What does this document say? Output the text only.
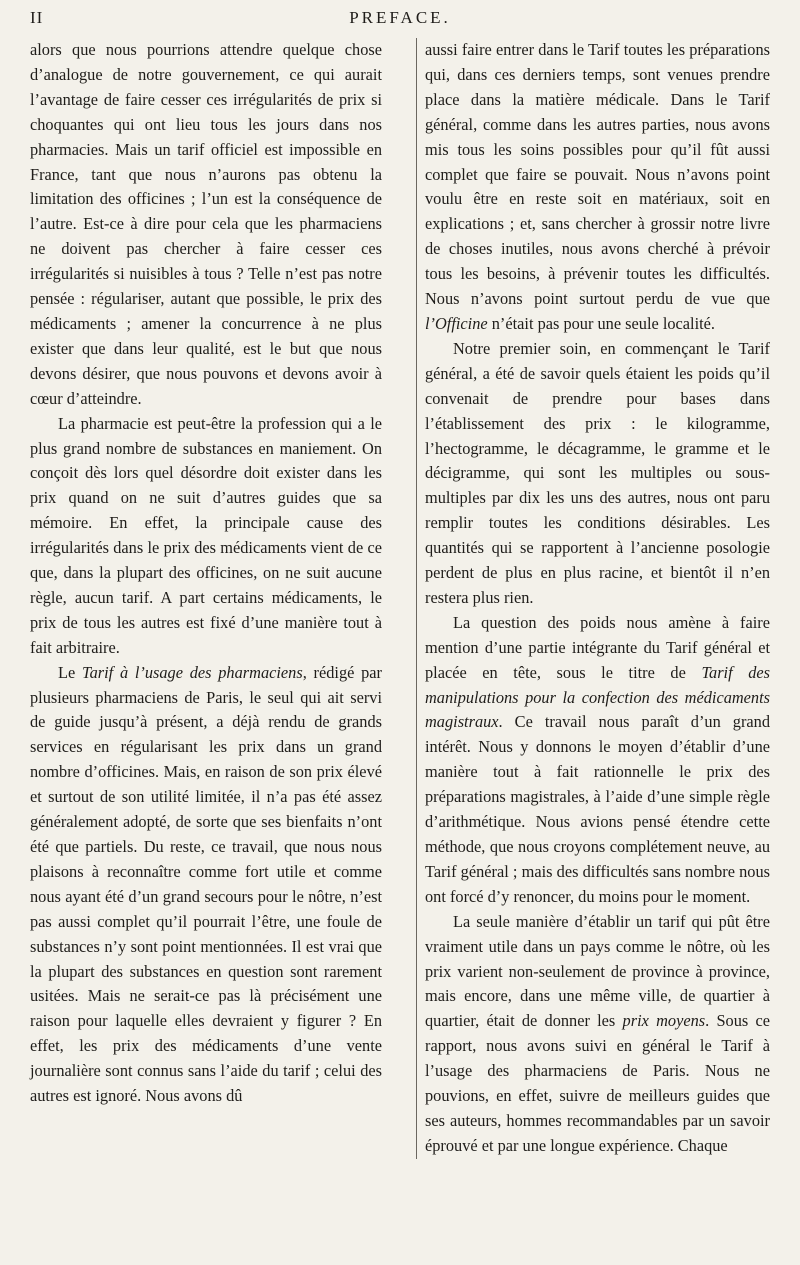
II	PREFACE.

alors que nous pourrions attendre quelque chose d’analogue de notre gouvernement, ce qui aurait l’avantage de faire cesser ces irrégularités de prix si choquantes qui ont lieu tous les jours dans nos pharmacies. Mais un tarif officiel est impossible en France, tant que nous n’aurons pas obtenu la limitation des officines ; l’un est la conséquence de l’autre. Est-ce à dire pour cela que les pharmaciens ne doivent pas chercher à faire cesser ces irrégularités si nuisibles à tous ? Telle n’est pas notre pensée : régulariser, autant que possible, le prix des médicaments ; amener la concurrence à ne plus exister que dans leur qualité, est le but que nous devons désirer, que nous pouvons et devons avoir à cœur d’atteindre.

La pharmacie est peut-être la profession qui a le plus grand nombre de substances en maniement. On conçoit dès lors quel désordre doit exister dans les prix quand on ne suit d’autres guides que sa mémoire. En effet, la principale cause des irrégularités dans le prix des médicaments vient de ce que, dans la plupart des officines, on ne suit aucune règle, aucun tarif. A part certains médicaments, le prix de tous les autres est fixé d’une manière tout à fait arbitraire.

Le Tarif à l’usage des pharmaciens, rédigé par plusieurs pharmaciens de Paris, le seul qui ait servi de guide jusqu’à présent, a déjà rendu de grands services en régularisant les prix dans un grand nombre d’officines. Mais, en raison de son prix élevé et surtout de son utilité limitée, il n’a pas été assez généralement adopté, de sorte que ses bienfaits n’ont été que partiels. Du reste, ce travail, que nous nous plaisons à reconnaître comme fort utile et comme nous ayant été d’un grand secours pour le nôtre, n’est pas aussi complet qu’il pourrait l’être, une foule de substances n’y sont point mentionnées. Il est vrai que la plupart des substances en question sont rarement usitées. Mais ne serait-ce pas là précisément une raison pour laquelle elles devraient y figurer ? En effet, les prix des médicaments d’une vente journalière sont connus sans l’aide du tarif ; celui des autres est ignoré. Nous avons dû

aussi faire entrer dans le Tarif toutes les préparations qui, dans ces derniers temps, sont venues prendre place dans la matière médicale. Dans le Tarif général, comme dans les autres parties, nous avons mis tous les soins possibles pour qu’il fût aussi complet que faire se pouvait. Nous n’avons point voulu être en reste soit en matériaux, soit en explications ; et, sans chercher à grossir notre livre de choses inutiles, nous avons cherché à prévoir tous les besoins, à prévenir toutes les difficultés. Nous n’avons point surtout perdu de vue que l’Officine n’était pas pour une seule localité.

Notre premier soin, en commençant le Tarif général, a été de savoir quels étaient les poids qu’il convenait de prendre pour bases dans l’établissement des prix : le kilogramme, l’hectogramme, le décagramme, le gramme et le décigramme, qui sont les multiples ou sous-multiples par dix les uns des autres, nous ont paru remplir toutes les conditions désirables. Les quantités qui se rapportent à l’ancienne posologie perdent de plus en plus racine, et bientôt il n’en restera plus rien.

La question des poids nous amène à faire mention d’une partie intégrante du Tarif général et placée en tête, sous le titre de Tarif des manipulations pour la confection des médicaments magistraux. Ce travail nous paraît d’un grand intérêt. Nous y donnons le moyen d’établir d’une manière tout à fait rationnelle le prix des préparations magistrales, à l’aide d’une simple règle d’arithmétique. Nous avions pensé étendre cette méthode, que nous croyons complétement neuve, au Tarif général ; mais des difficultés sans nombre nous ont forcé d’y renoncer, du moins pour le moment.

La seule manière d’établir un tarif qui pût être vraiment utile dans un pays comme le nôtre, où les prix varient non-seulement de province à province, mais encore, dans une même ville, de quartier à quartier, était de donner les prix moyens. Sous ce rapport, nous avons suivi en général le Tarif à l’usage des pharmaciens de Paris. Nous ne pouvions, en effet, suivre de meilleurs guides que ses auteurs, hommes recommandables par un savoir éprouvé et par une longue expérience. Chaque
